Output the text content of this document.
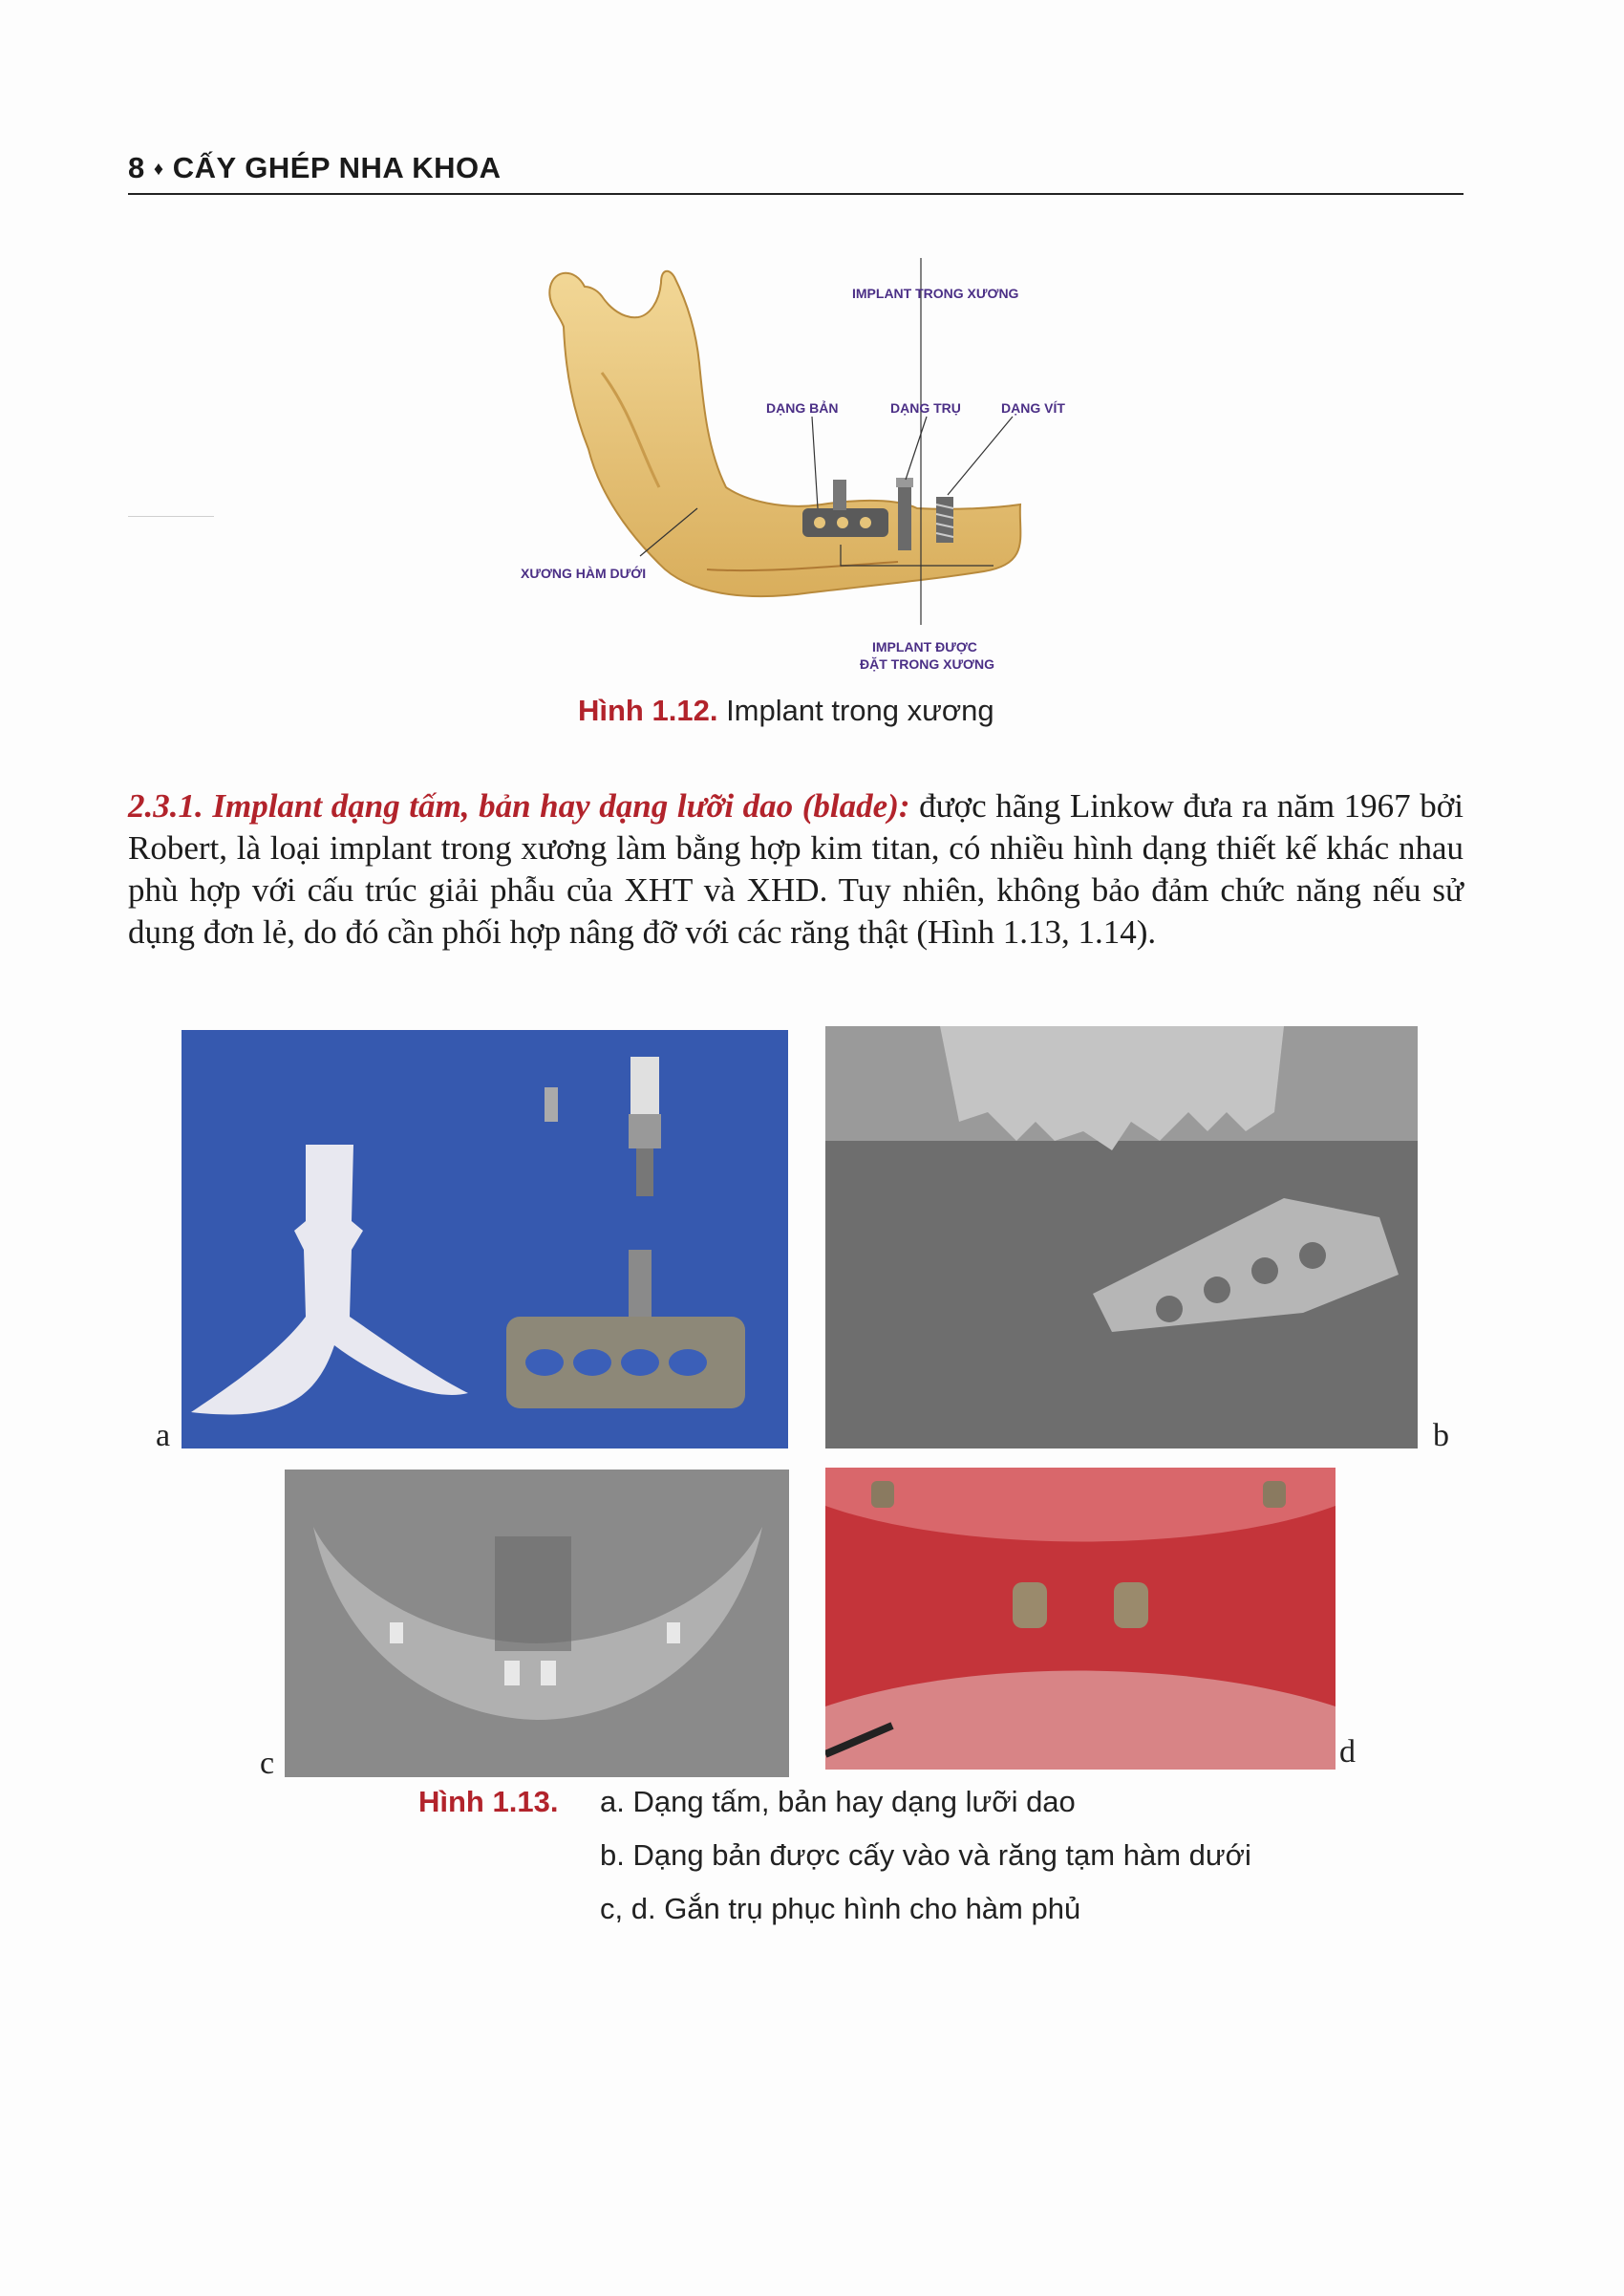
8 ♦ CẤY GHÉP NHA KHOA
IMPLANT TRONG XƯƠNG
DẠNG BẢN	DẠNG TRỤ	DẠNG VÍT
XƯƠNG HÀM DƯỚI
IMPLANT ĐƯỢC
ĐẶT TRONG XƯƠNG
Hình 1.12. Implant trong xương
2.3.1. Implant dạng tấm, bản hay dạng lưỡi dao (blade): được hãng Linkow đưa ra năm 1967 bởi Robert, là loại implant trong xương làm bằng hợp kim titan, có nhiều hình dạng thiết kế khác nhau phù hợp với cấu trúc giải phẫu của XHT và XHD. Tuy nhiên, không bảo đảm chức năng nếu sử dụng đơn lẻ, do đó cần phối hợp nâng đỡ với các răng thật (Hình 1.13, 1.14).
a	b
c	d
Hình 1.13. a. Dạng tấm, bản hay dạng lưỡi dao
b. Dạng bản được cấy vào và răng tạm hàm dưới
c, d. Gắn trụ phục hình cho hàm phủ
